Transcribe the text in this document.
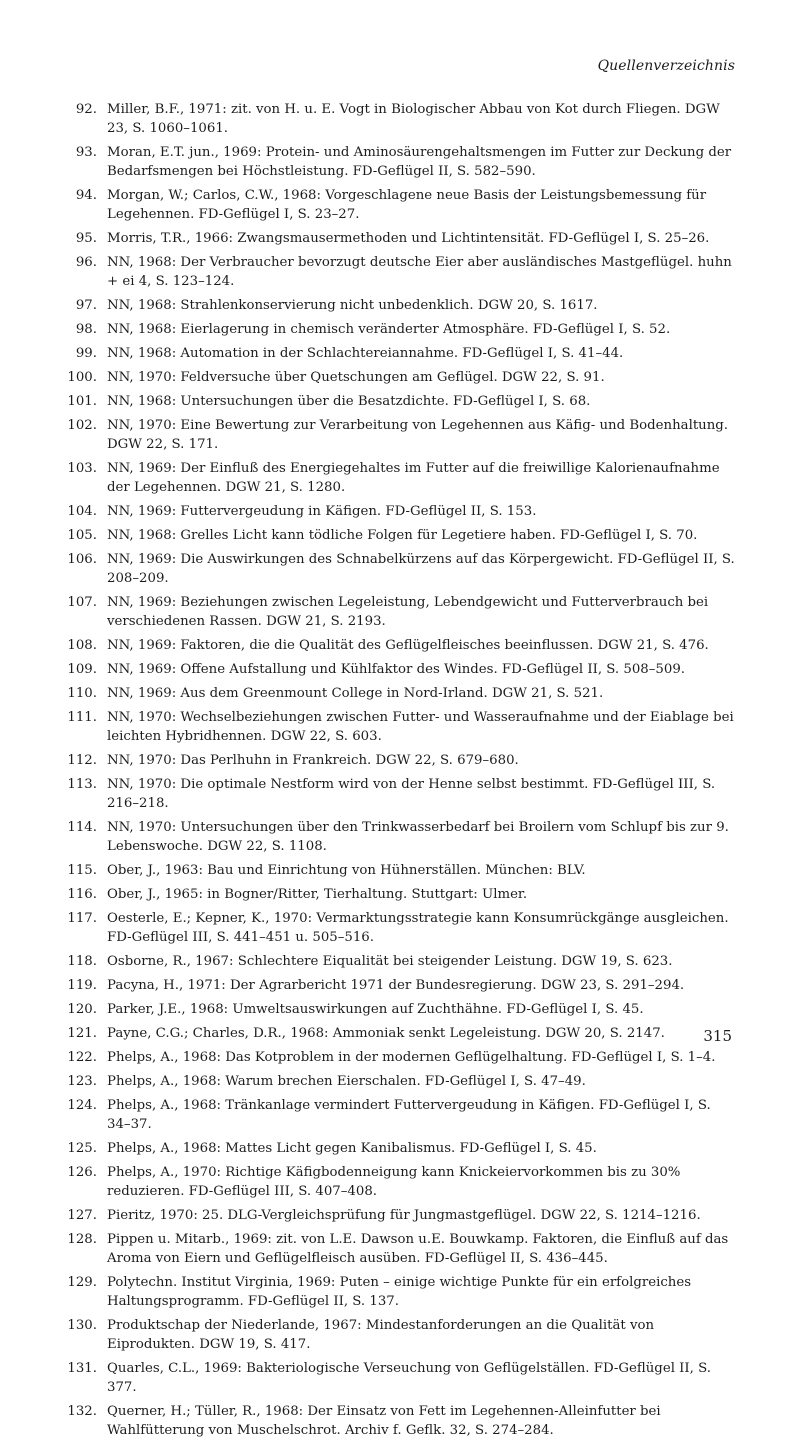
Quellenverzeichnis

92. Miller, B.F., 1971: zit. von H. u. E. Vogt in Biologischer Abbau von Kot durch Fliegen. DGW 23, S. 1060–1061.
93. Moran, E.T. jun., 1969: Protein- und Aminosäurengehaltsmengen im Futter zur Deckung der Bedarfsmengen bei Höchstleistung. FD-Geflügel II, S. 582–590.
94. Morgan, W.; Carlos, C.W., 1968: Vorgeschlagene neue Basis der Leistungsbemessung für Legehennen. FD-Geflügel I, S. 23–27.
95. Morris, T.R., 1966: Zwangsmausermethoden und Lichtintensität. FD-Geflügel I, S. 25–26.
96. NN, 1968: Der Verbraucher bevorzugt deutsche Eier aber ausländisches Mastgeflügel. huhn + ei 4, S. 123–124.
97. NN, 1968: Strahlenkonservierung nicht unbedenklich. DGW 20, S. 1617.
98. NN, 1968: Eierlagerung in chemisch veränderter Atmosphäre. FD-Geflügel I, S. 52.
99. NN, 1968: Automation in der Schlachtereiannahme. FD-Geflügel I, S. 41–44.
100. NN, 1970: Feldversuche über Quetschungen am Geflügel. DGW 22, S. 91.
101. NN, 1968: Untersuchungen über die Besatzdichte. FD-Geflügel I, S. 68.
102. NN, 1970: Eine Bewertung zur Verarbeitung von Legehennen aus Käfig- und Bodenhaltung. DGW 22, S. 171.
103. NN, 1969: Der Einfluß des Energiegehaltes im Futter auf die freiwillige Kalorienaufnahme der Legehennen. DGW 21, S. 1280.
104. NN, 1969: Futtervergeudung in Käfigen. FD-Geflügel II, S. 153.
105. NN, 1968: Grelles Licht kann tödliche Folgen für Legetiere haben. FD-Geflügel I, S. 70.
106. NN, 1969: Die Auswirkungen des Schnabelkürzens auf das Körpergewicht. FD-Geflügel II, S. 208–209.
107. NN, 1969: Beziehungen zwischen Legeleistung, Lebendgewicht und Futterverbrauch bei verschiedenen Rassen. DGW 21, S. 2193.
108. NN, 1969: Faktoren, die die Qualität des Geflügelfleisches beeinflussen. DGW 21, S. 476.
109. NN, 1969: Offene Aufstallung und Kühlfaktor des Windes. FD-Geflügel II, S. 508–509.
110. NN, 1969: Aus dem Greenmount College in Nord-Irland. DGW 21, S. 521.
111. NN, 1970: Wechselbeziehungen zwischen Futter- und Wasseraufnahme und der Eiablage bei leichten Hybridhennen. DGW 22, S. 603.
112. NN, 1970: Das Perlhuhn in Frankreich. DGW 22, S. 679–680.
113. NN, 1970: Die optimale Nestform wird von der Henne selbst bestimmt. FD-Geflügel III, S. 216–218.
114. NN, 1970: Untersuchungen über den Trinkwasserbedarf bei Broilern vom Schlupf bis zur 9. Lebenswoche. DGW 22, S. 1108.
115. Ober, J., 1963: Bau und Einrichtung von Hühnerställen. München: BLV.
116. Ober, J., 1965: in Bogner/Ritter, Tierhaltung. Stuttgart: Ulmer.
117. Oesterle, E.; Kepner, K., 1970: Vermarktungsstrategie kann Konsumrückgänge ausgleichen. FD-Geflügel III, S. 441–451 u. 505–516.
118. Osborne, R., 1967: Schlechtere Eiqualität bei steigender Leistung. DGW 19, S. 623.
119. Pacyna, H., 1971: Der Agrarbericht 1971 der Bundesregierung. DGW 23, S. 291–294.
120. Parker, J.E., 1968: Umweltsauswirkungen auf Zuchthähne. FD-Geflügel I, S. 45.
121. Payne, C.G.; Charles, D.R., 1968: Ammoniak senkt Legeleistung. DGW 20, S. 2147.
122. Phelps, A., 1968: Das Kotproblem in der modernen Geflügelhaltung. FD-Geflügel I, S. 1–4.
123. Phelps, A., 1968: Warum brechen Eierschalen. FD-Geflügel I, S. 47–49.
124. Phelps, A., 1968: Tränkanlage vermindert Futtervergeudung in Käfigen. FD-Geflügel I, S. 34–37.
125. Phelps, A., 1968: Mattes Licht gegen Kanibalismus. FD-Geflügel I, S. 45.
126. Phelps, A., 1970: Richtige Käfigbodenneigung kann Knickeiervorkommen bis zu 30% reduzieren. FD-Geflügel III, S. 407–408.
127. Pieritz, 1970: 25. DLG-Vergleichsprüfung für Jungmastgeflügel. DGW 22, S. 1214–1216.
128. Pippen u. Mitarb., 1969: zit. von L.E. Dawson u.E. Bouwkamp. Faktoren, die Einfluß auf das Aroma von Eiern und Geflügelfleisch ausüben. FD-Geflügel II, S. 436–445.
129. Polytechn. Institut Virginia, 1969: Puten – einige wichtige Punkte für ein erfolgreiches Haltungsprogramm. FD-Geflügel II, S. 137.
130. Produktschap der Niederlande, 1967: Mindestanforderungen an die Qualität von Eiprodukten. DGW 19, S. 417.
131. Quarles, C.L., 1969: Bakteriologische Verseuchung von Geflügelställen. FD-Geflügel II, S. 377.
132. Querner, H.; Tüller, R., 1968: Der Einsatz von Fett im Legehennen-Alleinfutter bei Wahlfütterung von Muschelschrot. Archiv f. Geflk. 32, S. 274–284.

315
